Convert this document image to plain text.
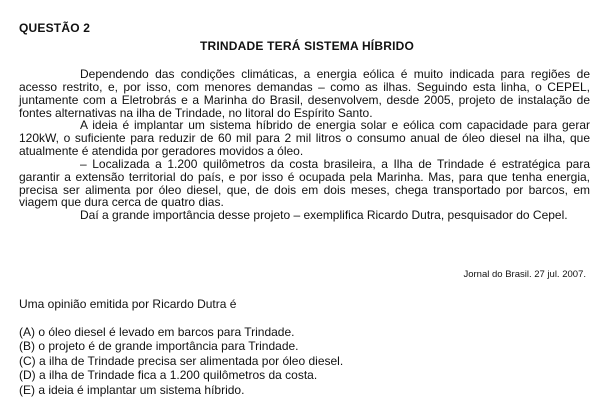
QUESTÃO 2
TRINDADE TERÁ SISTEMA HÍBRIDO

Dependendo das condições climáticas, a energia eólica é muito indicada para regiões de acesso restrito, e, por isso, com menores demandas – como as ilhas. Seguindo esta linha, o CEPEL, juntamente com a Eletrobrás e a Marinha do Brasil, desenvolvem, desde 2005, projeto de instalação de fontes alternativas na ilha de Trindade, no litoral do Espírito Santo.

A ideia é implantar um sistema híbrido de energia solar e eólica com capacidade para gerar 120kW, o suficiente para reduzir de 60 mil para 2 mil litros o consumo anual de óleo diesel na ilha, que atualmente é atendida por geradores movidos a óleo.

– Localizada a 1.200 quilômetros da costa brasileira, a Ilha de Trindade é estratégica para garantir a extensão territorial do país, e por isso é ocupada pela Marinha. Mas, para que tenha energia, precisa ser alimenta por óleo diesel, que, de dois em dois meses, chega transportado por barcos, em viagem que dura cerca de quatro dias.

Daí a grande importância desse projeto – exemplifica Ricardo Dutra, pesquisador do Cepel.

Jornal do Brasil. 27 jul. 2007.
Uma opinião emitida por Ricardo Dutra é
(A) o óleo diesel é levado em barcos para Trindade.
(B) o projeto é de grande importância para Trindade.
(C) a ilha de Trindade precisa ser alimentada por óleo diesel.
(D) a ilha de Trindade fica a 1.200 quilômetros da costa.
(E) a ideia é implantar um sistema híbrido.
